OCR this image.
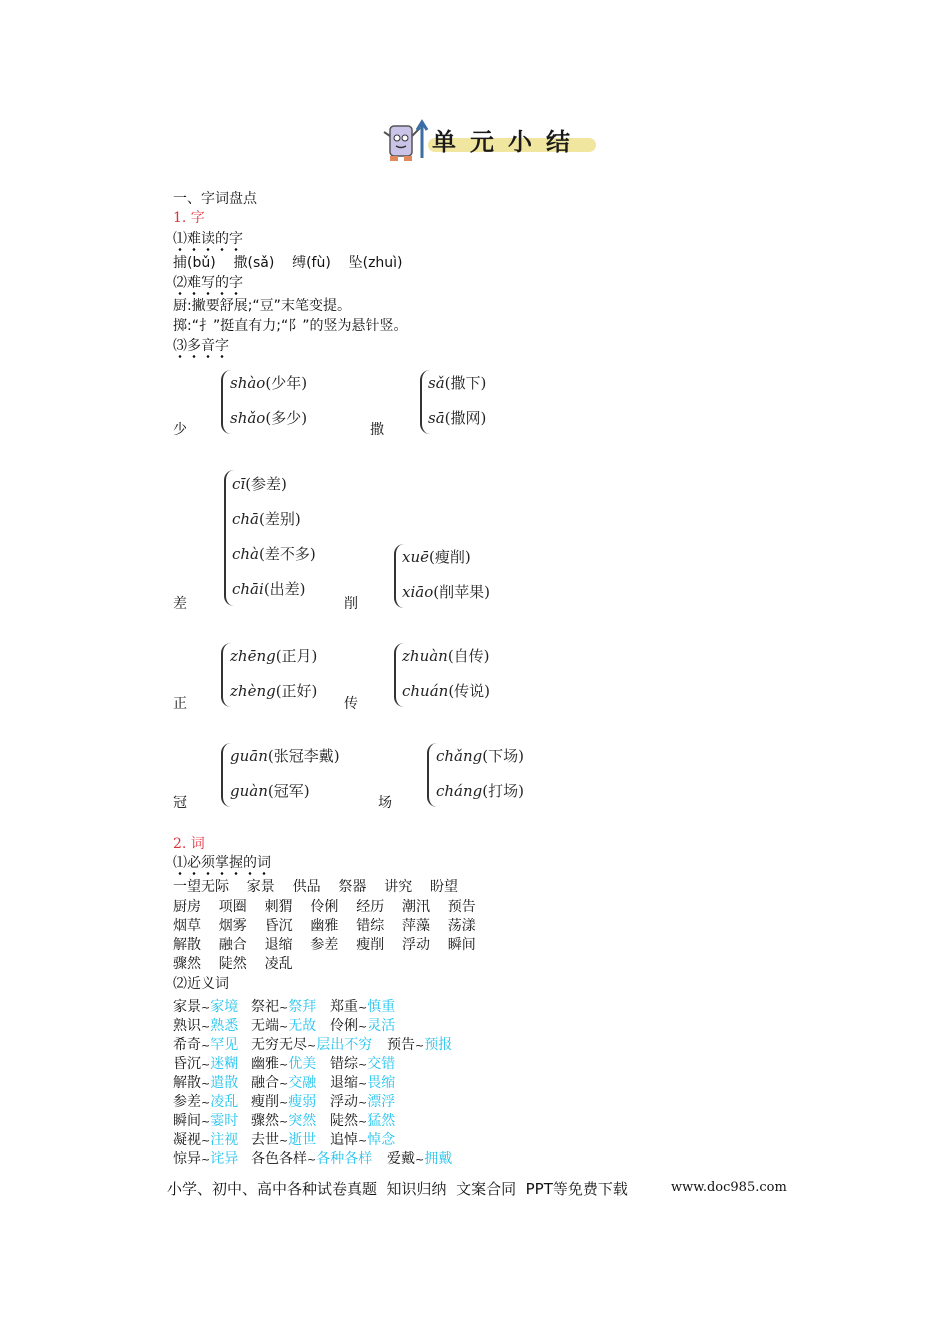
单元小结
一、字词盘点
1. 字
⑴难读的字
捕(bǔ)    撒(sǎ)    缚(fù)    坠(zhuì)
⑵难写的字
厨:撇要舒展;“豆”末笔变提。
掷:“扌”挺直有力;“阝”的竖为悬针竖。
⑶多音字
少
shào(少年)
shǎo(多少)
撒
sǎ(撒下)
sā(撒网)
差
cī(参差)
chā(差别)
chà(差不多)
chāi(出差)
削
xuē(瘦削)
xiāo(削苹果)
正
zhēng(正月)
zhèng(正好)
传
zhuàn(自传)
chuán(传说)
冠
guān(张冠李戴)
guàn(冠军)
场
chǎng(下场)
cháng(打场)
2. 词
⑴必须掌握的词
一望无际    家景    供品    祭器    讲究    盼望
厨房    项圈    刺猬    伶俐    经历    潮汛    预告
烟草    烟雾    昏沉    幽雅    错综    萍藻    荡漾
解散    融合    退缩    参差    瘦削    浮动    瞬间
骤然    陡然    凌乱
⑵近义词
家景~家境 祭祀~祭拜 郑重~慎重
熟识~熟悉 无端~无故 伶俐~灵活
希奇~罕见 无穷无尽~层出不穷 预告~预报
昏沉~迷糊 幽雅~优美 错综~交错
解散~遣散 融合~交融 退缩~畏缩
参差~凌乱 瘦削~瘦弱 浮动~漂浮
瞬间~霎时 骤然~突然 陡然~猛然
凝视~注视 去世~逝世 追悼~悼念
惊异~诧异 各色各样~各种各样 爱戴~拥戴
小学、初中、高中各种试卷真题  知识归纳  文案合同  PPT等免费下载	www.doc985.com
